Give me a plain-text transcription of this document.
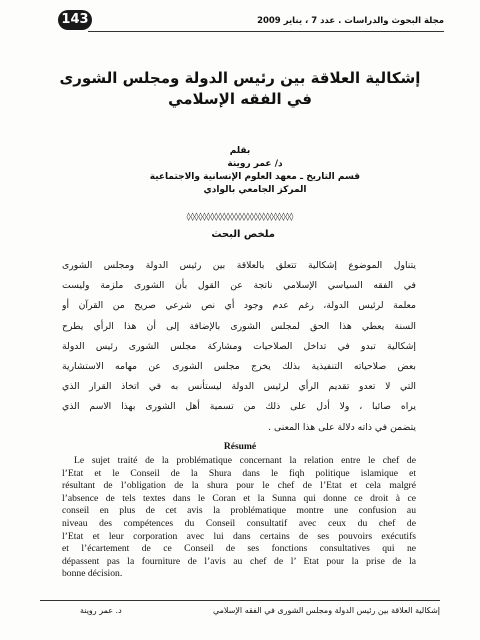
143	مجلة البحوث والدراسات . عدد 7 ، يناير 2009
إشكالية العلاقة بين رئيس الدولة ومجلس الشورى
في الفقه الإسلامي
بقلم
د/ عمر روينة
قسم التاريخ ـ معهد العلوم الإنسانية والاجتماعية
المركز الجامعي بالوادي
◊◊◊◊◊◊◊◊◊◊◊◊◊◊◊◊◊◊◊◊◊◊◊◊◊◊◊
ملخص البحث
يتناول الموضوع إشكالية تتعلق بالعلاقة بين رئيس الدولة ومجلس الشورى
في الفقه السياسي الإسلامي ناتجة عن القول بأن الشورى ملزمة وليست
معلمة لرئيس الدولة، رغم عدم وجود أي نص شرعي صريح من القرآن أو
السنة يعطي هذا الحق لمجلس الشورى بالإضافة إلى أن هذا الرأي يطرح
إشكالية تبدو في تداخل الصلاحيات ومشاركة مجلس الشورى رئيس الدولة
بعض صلاحياته التنفيذية بذلك يخرج مجلس الشورى عن مهامه الاستشارية
التي لا تعدو تقديم الرأي لرئيس الدولة ليستأنس به في اتخاذ القرار الذي
يراه صائبا ، ولا أدل على ذلك من تسمية أهل الشورى بهذا الاسم الذي
يتضمن في ذاته دلالة على هذا المعنى .
Résumé
Le sujet traité de la problématique concernant la relation entre le chef de
l’Etat et le Conseil de la Shura dans le fiqh politique islamique et
résultant de l’obligation de la shura pour le chef de l’Etat et cela malgré
l’absence de tels textes dans le Coran et la Sunna qui donne ce droit à ce
conseil en plus de cet avis la problématique montre une confusion au
niveau des compétences du Conseil consultatif avec ceux du chef de
l’Etat et leur corporation avec lui dans certains de ses pouvoirs exécutifs
et l’écartement de ce Conseil de ses fonctions consultatives qui ne
dépassent pas la fourniture de l’avis au chef de l’ Etat pour la prise de la
bonne décision.
إشكالية العلاقة بين رئيس الدولة ومجلس الشورى في الفقه الإسلامي
د. عمر روينة
